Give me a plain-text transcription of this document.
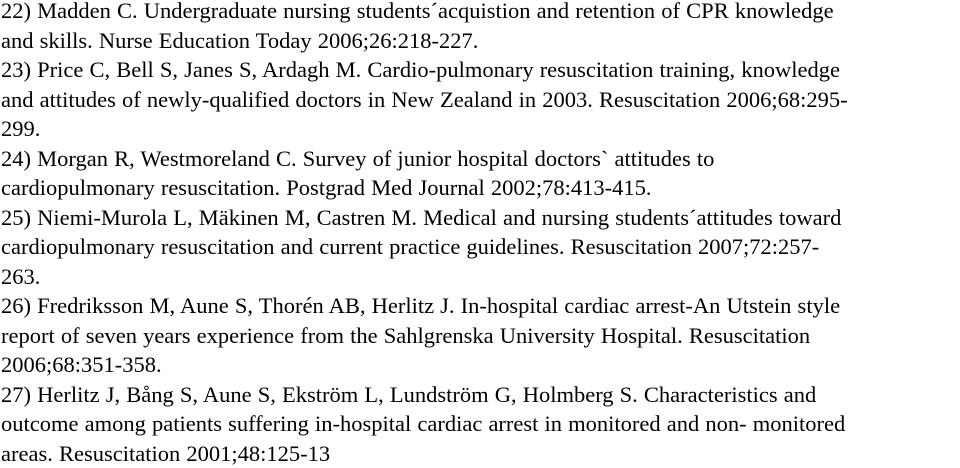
22) Madden C. Undergraduate nursing students´acquistion and retention of CPR knowledge
and skills. Nurse Education Today 2006;26:218-227.
23) Price C, Bell S, Janes S, Ardagh M. Cardio-pulmonary resuscitation training, knowledge
and attitudes of newly-qualified doctors in New Zealand in 2003. Resuscitation 2006;68:295-
299.
24) Morgan R, Westmoreland C. Survey of junior hospital doctors` attitudes to
cardiopulmonary resuscitation. Postgrad Med Journal 2002;78:413-415.
25) Niemi-Murola L, Mäkinen M, Castren M. Medical and nursing students´attitudes toward
cardiopulmonary resuscitation and current practice guidelines. Resuscitation 2007;72:257-
263.
26) Fredriksson M, Aune S, Thorén AB, Herlitz J. In-hospital cardiac arrest-An Utstein style
report of seven years experience from the Sahlgrenska University Hospital. Resuscitation
2006;68:351-358.
27) Herlitz J, Bång S, Aune S, Ekström L, Lundström G, Holmberg S. Characteristics and
outcome among patients suffering in-hospital cardiac arrest in monitored and non- monitored
areas. Resuscitation 2001;48:125-13
